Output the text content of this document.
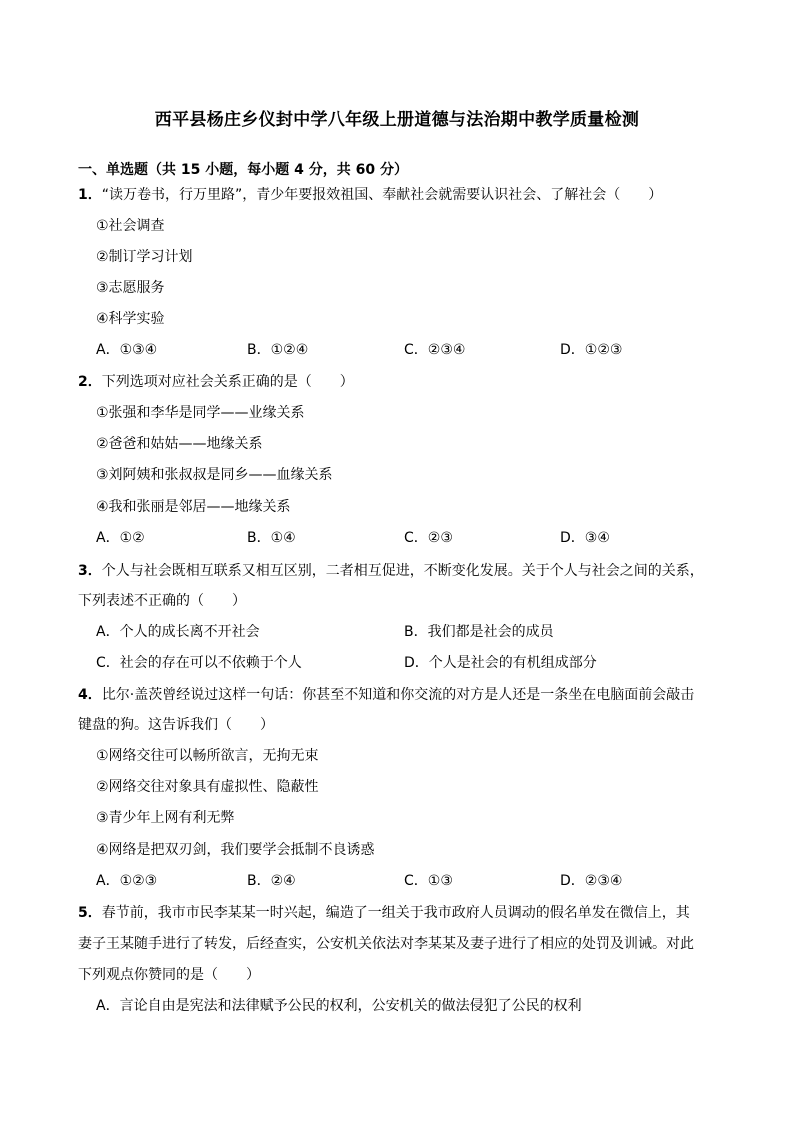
西平县杨庄乡仪封中学八年级上册道德与法治期中教学质量检测
一、单选题（共 15 小题，每小题 4 分，共 60 分）
1．“读万卷书，行万里路”，青少年要报效祖国、奉献社会就需要认识社会、了解社会（　　）
①社会调查
②制订学习计划
③志愿服务
④科学实验
A．①③④	B．①②④	C．②③④	D．①②③
2．下列选项对应社会关系正确的是（　　）
①张强和李华是同学——业缘关系
②爸爸和姑姑——地缘关系
③刘阿姨和张叔叔是同乡——血缘关系
④我和张丽是邻居——地缘关系
A．①②	B．①④	C．②③	D．③④
3．个人与社会既相互联系又相互区别，二者相互促进，不断变化发展。关于个人与社会之间的关系，
下列表述不正确的（　　）
A．个人的成长离不开社会	B．我们都是社会的成员
C．社会的存在可以不依赖于个人	D．个人是社会的有机组成部分
4．比尔·盖茨曾经说过这样一句话：你甚至不知道和你交流的对方是人还是一条坐在电脑面前会敲击
键盘的狗。这告诉我们（　　）
①网络交往可以畅所欲言，无拘无束
②网络交往对象具有虚拟性、隐蔽性
③青少年上网有利无弊
④网络是把双刃剑，我们要学会抵制不良诱惑
A．①②③	B．②④	C．①③	D．②③④
5．春节前，我市市民李某某一时兴起，编造了一组关于我市政府人员调动的假名单发在微信上，其
妻子王某随手进行了转发，后经查实，公安机关依法对李某某及妻子进行了相应的处罚及训诫。对此
下列观点你赞同的是（　　）
A．言论自由是宪法和法律赋予公民的权利，公安机关的做法侵犯了公民的权利
